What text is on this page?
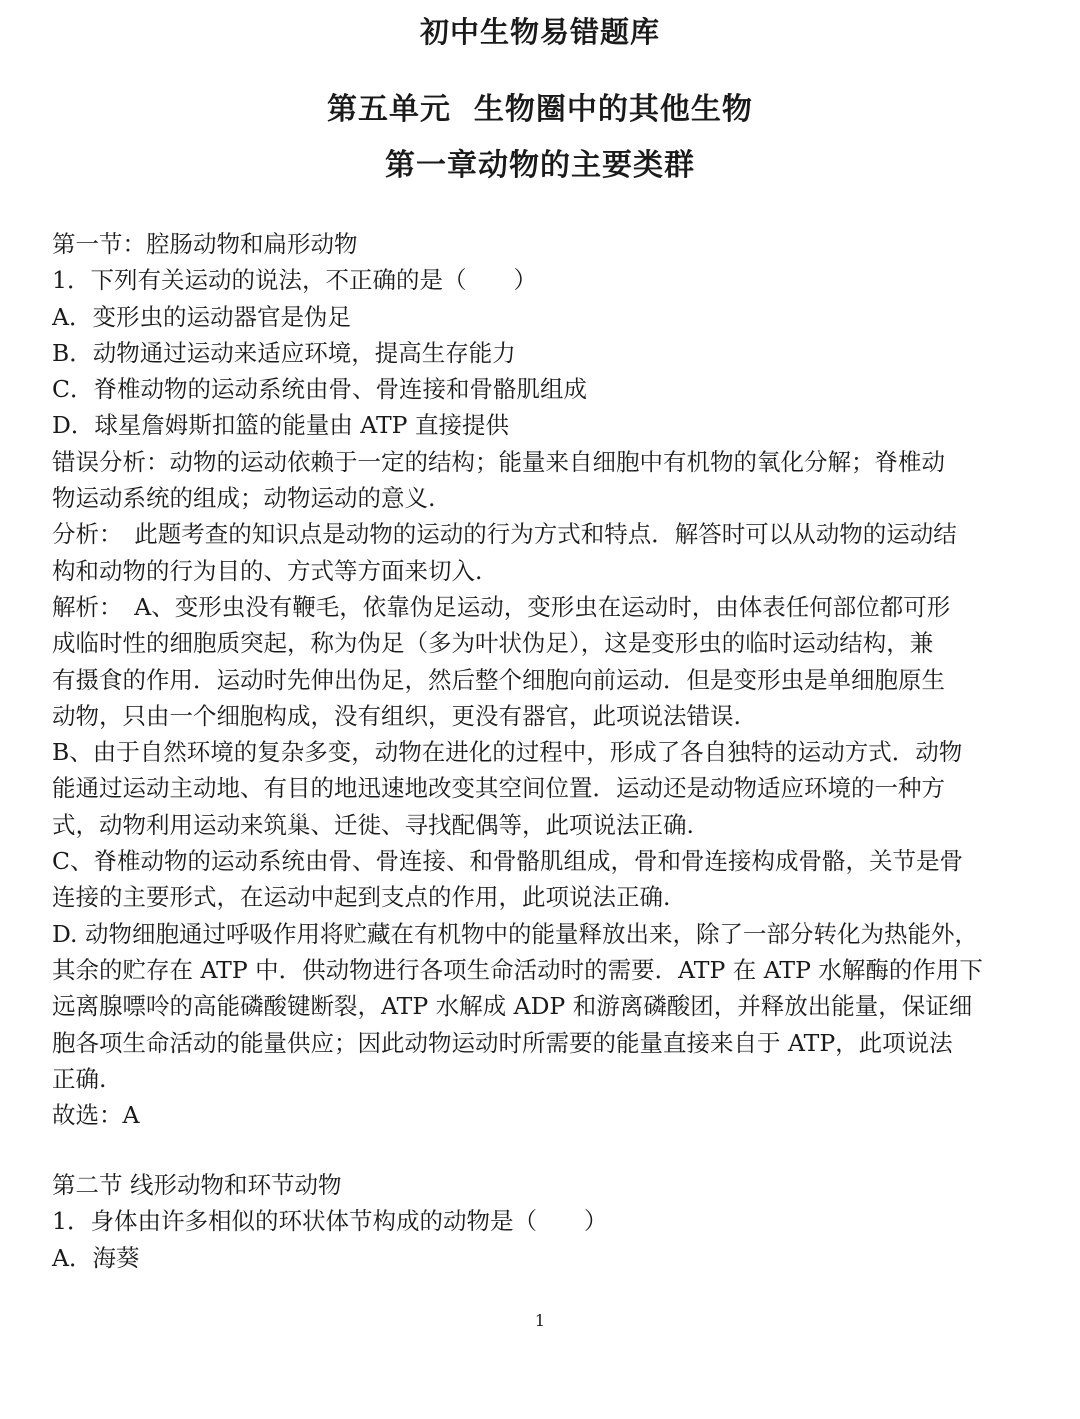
初中生物易错题库
第五单元  生物圈中的其他生物
第一章动物的主要类群
第一节：腔肠动物和扁形动物
1．下列有关运动的说法，不正确的是（　　）
A．变形虫的运动器官是伪足
B．动物通过运动来适应环境，提高生存能力
C．脊椎动物的运动系统由骨、骨连接和骨骼肌组成
D．球星詹姆斯扣篮的能量由 ATP 直接提供
错误分析：动物的运动依赖于一定的结构；能量来自细胞中有机物的氧化分解；脊椎动
物运动系统的组成；动物运动的意义.
分析：　此题考查的知识点是动物的运动的行为方式和特点．解答时可以从动物的运动结
构和动物的行为目的、方式等方面来切入.
解析：　A、变形虫没有鞭毛，依靠伪足运动，变形虫在运动时，由体表任何部位都可形
成临时性的细胞质突起，称为伪足（多为叶状伪足），这是变形虫的临时运动结构，兼
有摄食的作用．运动时先伸出伪足，然后整个细胞向前运动．但是变形虫是单细胞原生
动物，只由一个细胞构成，没有组织，更没有器官，此项说法错误.
B、由于自然环境的复杂多变，动物在进化的过程中，形成了各自独特的运动方式．动物
能通过运动主动地、有目的地迅速地改变其空间位置．运动还是动物适应环境的一种方
式，动物利用运动来筑巢、迁徙、寻找配偶等，此项说法正确.
C、脊椎动物的运动系统由骨、骨连接、和骨骼肌组成，骨和骨连接构成骨骼，关节是骨
连接的主要形式，在运动中起到支点的作用，此项说法正确.
D. 动物细胞通过呼吸作用将贮藏在有机物中的能量释放出来，除了一部分转化为热能外，
其余的贮存在 ATP 中．供动物进行各项生命活动时的需要．ATP 在 ATP 水解酶的作用下
远离腺嘌呤的高能磷酸键断裂，ATP 水解成 ADP 和游离磷酸团，并释放出能量，保证细
胞各项生命活动的能量供应；因此动物运动时所需要的能量直接来自于 ATP，此项说法
正确.
故选：A
第二节 线形动物和环节动物
1．身体由许多相似的环状体节构成的动物是（　　）
A．海葵
1
